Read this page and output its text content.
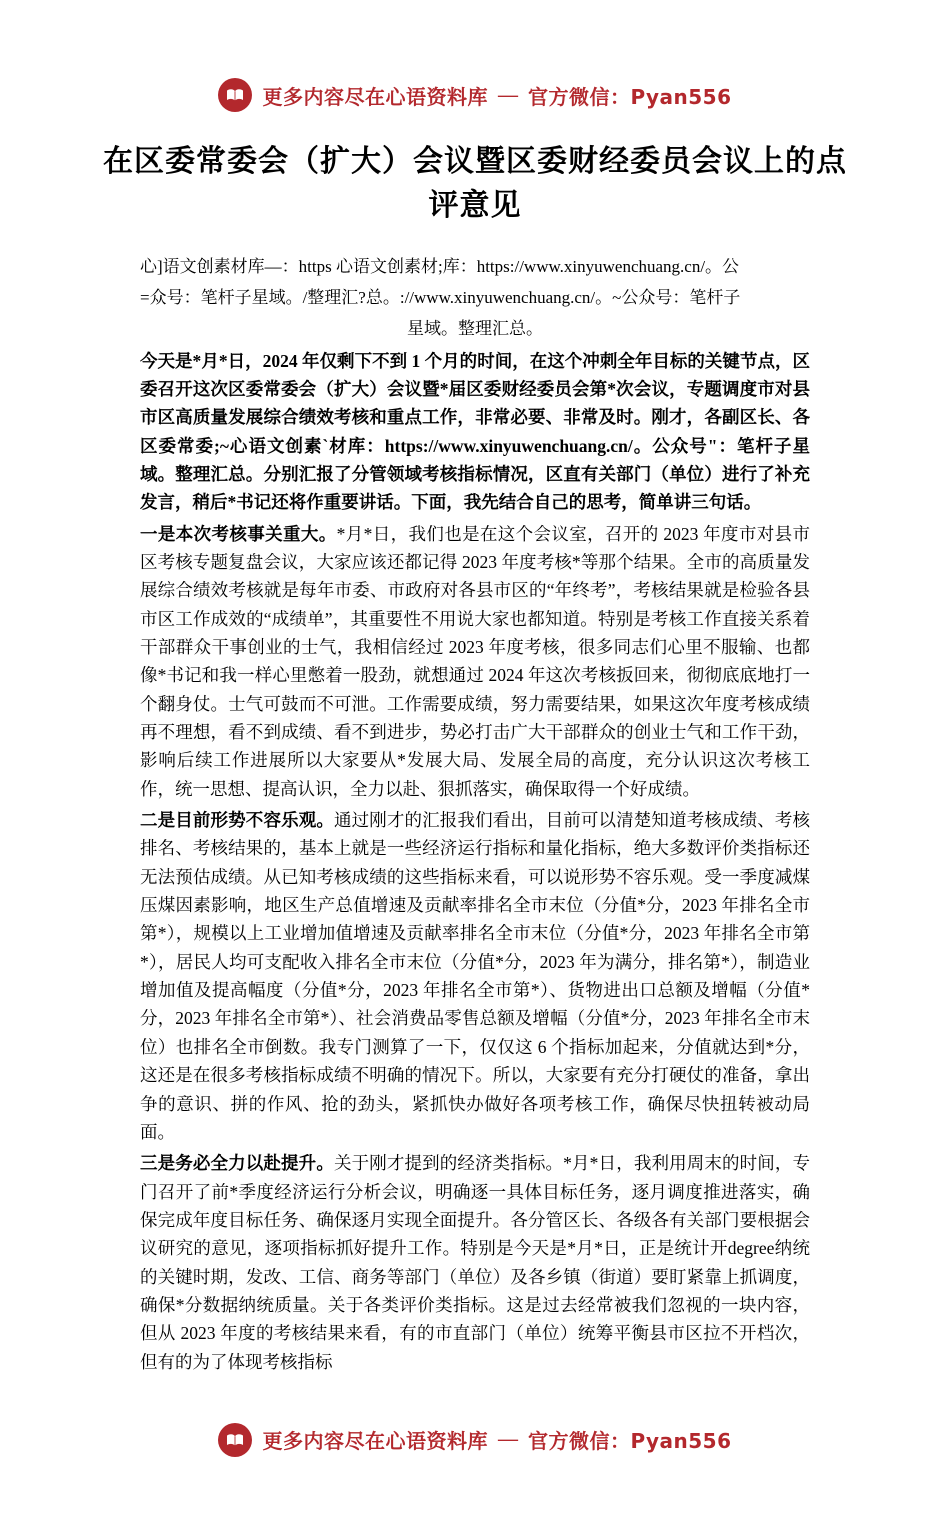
更多内容尽在心语资料库 — 官方微信：Pyan556
在区委常委会（扩大）会议暨区委财经委员会议上的点评意见

心]语文创素材库—：https 心语文创素材;库：https://www.xinyuwenchuang.cn/。公

=众号：笔杆子星域。/整理汇?总。://www.xinyuwenchuang.cn/。~公众号：笔杆子

星域。整理汇总。

今天是*月*日，2024 年仅剩下不到 1 个月的时间，在这个冲刺全年目标的关键节点，区委召开这次区委常委会（扩大）会议暨*届区委财经委员会第*次会议，专题调度市对县市区高质量发展综合绩效考核和重点工作，非常必要、非常及时。刚才，各副区长、各区委常委;~心语文创素`材库：https://www.xinyuwenchuang.cn/。公众号"：笔杆子星域。整理汇总。分别汇报了分管领域考核指标情况，区直有关部门（单位）进行了补充发言，稍后*书记还将作重要讲话。下面，我先结合自己的思考，简单讲三句话。

一是本次考核事关重大。*月*日，我们也是在这个会议室，召开的 2023 年度市对县市区考核专题复盘会议，大家应该还都记得 2023 年度考核*等那个结果。全市的高质量发展综合绩效考核就是每年市委、市政府对各县市区的“年终考”，考核结果就是检验各县市区工作成效的“成绩单”，其重要性不用说大家也都知道。特别是考核工作直接关系着干部群众干事创业的士气，我相信经过 2023 年度考核，很多同志们心里不服输、也都像*书记和我一样心里憋着一股劲，就想通过 2024 年这次考核扳回来，彻彻底底地打一个翻身仗。士气可鼓而不可泄。工作需要成绩，努力需要结果，如果这次年度考核成绩再不理想，看不到成绩、看不到进步，势必打击广大干部群众的创业士气和工作干劲，影响后续工作进展所以大家要从*发展大局、发展全局的高度，充分认识这次考核工作，统一思想、提高认识，全力以赴、狠抓落实，确保取得一个好成绩。

二是目前形势不容乐观。通过刚才的汇报我们看出，目前可以清楚知道考核成绩、考核排名、考核结果的，基本上就是一些经济运行指标和量化指标，绝大多数评价类指标还无法预估成绩。从已知考核成绩的这些指标来看，可以说形势不容乐观。受一季度减煤压煤因素影响，地区生产总值增速及贡献率排名全市末位（分值*分，2023 年排名全市第*），规模以上工业增加值增速及贡献率排名全市末位（分值*分，2023 年排名全市第*），居民人均可支配收入排名全市末位（分值*分，2023 年为满分，排名第*），制造业增加值及提高幅度（分值*分，2023 年排名全市第*）、货物进出口总额及增幅（分值*分，2023 年排名全市第*）、社会消费品零售总额及增幅（分值*分，2023 年排名全市末位）也排名全市倒数。我专门测算了一下，仅仅这 6 个指标加起来，分值就达到*分，这还是在很多考核指标成绩不明确的情况下。所以，大家要有充分打硬仗的准备，拿出争的意识、拼的作风、抢的劲头，紧抓快办做好各项考核工作，确保尽快扭转被动局面。

三是务必全力以赴提升。关于刚才提到的经济类指标。*月*日，我利用周末的时间，专门召开了前*季度经济运行分析会议，明确逐一具体目标任务，逐月调度推进落实，确保完成年度目标任务、确保逐月实现全面提升。各分管区长、各级各有关部门要根据会议研究的意见，逐项指标抓好提升工作。特别是今天是*月*日，正是统计开degree纳统的关键时期，发改、工信、商务等部门（单位）及各乡镇（街道）要盯紧靠上抓调度，确保*分数据纳统质量。关于各类评价类指标。这是过去经常被我们忽视的一块内容，但从 2023 年度的考核结果来看，有的市直部门（单位）统筹平衡县市区拉不开档次，但有的为了体现考核指标

更多内容尽在心语资料库 — 官方微信：Pyan556
